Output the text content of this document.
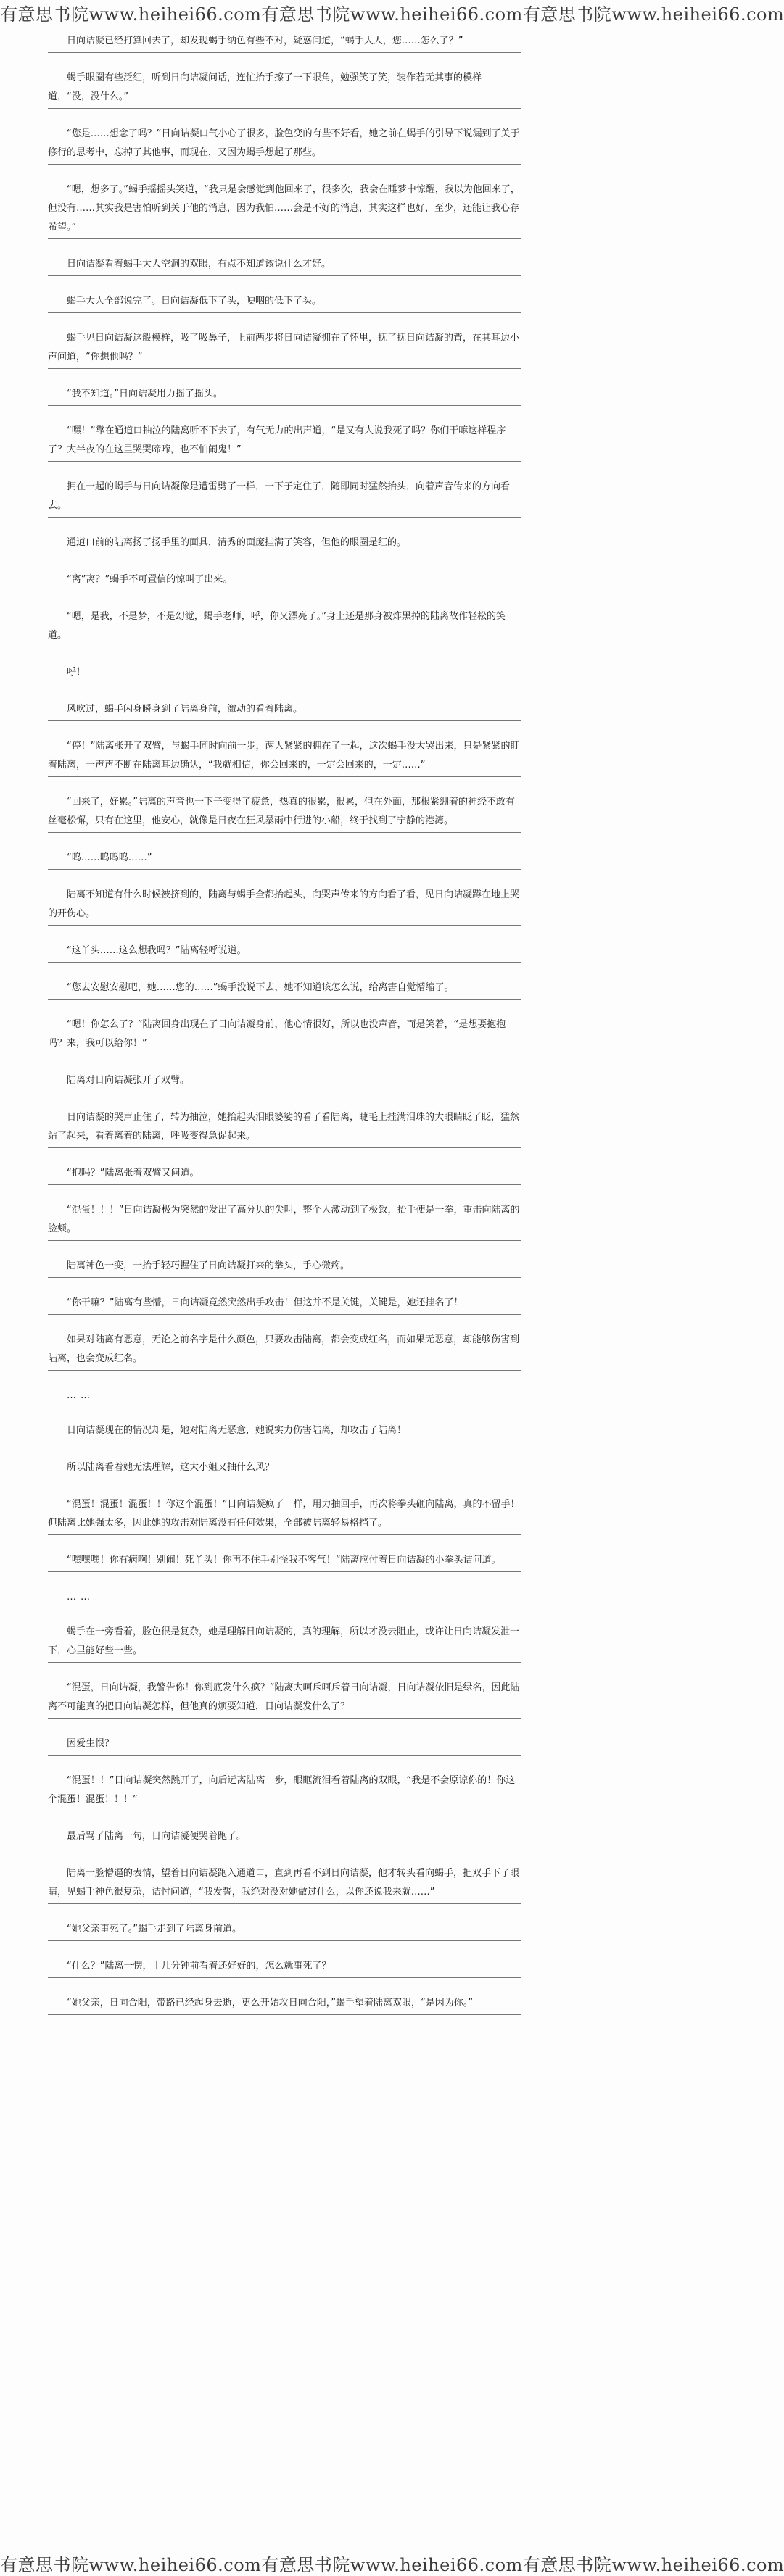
有意思书院www.heihei66.com有意思书院www.heihei66.com有意思书院www.heihei66.com

日向诘凝已经打算回去了，却发现蝎手纳色有些不对，疑惑问道，“蝎手大人，您……怎么了？”

蝎手眼圈有些泛红，听到日向诘凝问话，连忙抬手擦了一下眼角，勉强笑了笑，装作若无其事的模样道，“没，没什么。”

“您是……想念了吗？”日向诘凝口气小心了很多，脸色变的有些不好看，她之前在蝎手的引导下说漏到了关于修行的思考中，忘掉了其他事，而现在，又因为蝎手想起了那些。

“嗯，想多了。”蝎手摇摇头笑道，“我只是会感觉到他回来了，很多次，我会在睡梦中惊醒，我以为他回来了，但没有……其实我是害怕听到关于他的消息，因为我怕……会是不好的消息，其实这样也好，至少，还能让我心存希望。”

日向诘凝看着蝎手大人空洞的双眼，有点不知道该说什么才好。

蝎手大人全部说完了。日向诘凝低下了头，哽咽的低下了头。

蝎手见日向诘凝这般模样，吸了吸鼻子，上前两步将日向诘凝拥在了怀里，抚了抚日向诘凝的背，在其耳边小声问道，“你想他吗？”

“我不知道。”日向诘凝用力摇了摇头。

“嘿！”靠在通道口抽泣的陆离听不下去了，有气无力的出声道，“是又有人说我死了吗？你们干嘛这样程序了？大半夜的在这里哭哭啼啼，也不怕闹鬼！”

拥在一起的蝎手与日向诘凝像是遭雷劈了一样，一下子定住了，随即同时猛然抬头，向着声音传来的方向看去。

通道口前的陆离扬了扬手里的面具，清秀的面庞挂满了笑容，但他的眼圈是红的。

“离”离？”蝎手不可置信的惊叫了出来。

“嗯，是我，不是梦，不是幻觉，蝎手老师，呼，你又漂亮了。”身上还是那身被炸黑掉的陆离故作轻松的笑道。

呼！

风吹过，蝎手闪身瞬身到了陆离身前，激动的看着陆离。

“停！”陆离张开了双臂，与蝎手同时向前一步，两人紧紧的拥在了一起，这次蝎手没大哭出来，只是紧紧的盯着陆离，一声声不断在陆离耳边确认，“我就相信，你会回来的，一定会回来的，一定……”

“回来了，好累。”陆离的声音也一下子变得了疲惫，热真的很累，很累，但在外面，那根紧绷着的神经不敢有丝毫松懈，只有在这里，他安心，就像是日夜在狂风暴雨中行进的小船，终于找到了宁静的港湾。

“呜……呜呜呜……”

陆离不知道有什么时候被挤到的，陆离与蝎手全都抬起头，向哭声传来的方向看了看，见日向诘凝蹲在地上哭的开伤心。

“这丫头……这么想我吗？”陆离轻呼说道。

“您去安慰安慰吧，她……您的……”蝎手没说下去，她不知道该怎么说，给离害自觉懵缩了。

“嗯！你怎么了？”陆离回身出现在了日向诘凝身前，他心情很好，所以也没声音，而是笑着，“是想要抱抱吗？来，我可以给你！”

陆离对日向诘凝张开了双臂。

日向诘凝的哭声止住了，转为抽泣，她抬起头泪眼婆娑的看了看陆离，睫毛上挂满泪珠的大眼睛眨了眨，猛然站了起来，看着离着的陆离，呼吸变得急促起来。

“抱吗？”陆离张着双臂又问道。

“混蛋！！！”日向诘凝极为突然的发出了高分贝的尖叫，整个人激动到了极致，抬手便是一拳，重击向陆离的脸颊。

陆离神色一变，一抬手轻巧握住了日向诘凝打来的拳头，手心微疼。

“你干嘛？”陆离有些懵，日向诘凝竟然突然出手攻击！但这并不是关键，关键是，她还挂名了！

如果对陆离有恶意，无论之前名字是什么颜色，只要攻击陆离，都会变成红名，而如果无恶意，却能够伤害到陆离，也会变成红名。

……

日向诘凝现在的情况却是，她对陆离无恶意，她说实力伤害陆离，却攻击了陆离！

所以陆离看着她无法理解，这大小姐又抽什么风？

“混蛋！混蛋！混蛋！！你这个混蛋！”日向诘凝疯了一样，用力抽回手，再次将拳头砸向陆离，真的不留手！但陆离比她强太多，因此她的攻击对陆离没有任何效果，全部被陆离轻易格挡了。

“嘿嘿嘿！你有病啊！别闹！死丫头！你再不住手别怪我不客气！”陆离应付着日向诘凝的小拳头诘问道。

……

蝎手在一旁看着，脸色很是复杂，她是理解日向诘凝的，真的理解，所以才没去阻止，或许让日向诘凝发泄一下，心里能好些一些。

“混蛋，日向诘凝，我警告你！你到底发什么疯？”陆离大呵斥呵斥着日向诘凝，日向诘凝依旧是绿名，因此陆离不可能真的把日向诘凝怎样，但他真的烦要知道，日向诘凝发什么了？

因爱生恨？

“混蛋！！”日向诘凝突然跳开了，向后远离陆离一步，眼眶流泪看着陆离的双眼，“我是不会原谅你的！你这个混蛋！混蛋！！！”

最后骂了陆离一句，日向诘凝便哭着跑了。

陆离一脸懵逼的表情，望着日向诘凝跑入通道口，直到再看不到日向诘凝，他才转头看向蝎手，把双手下了眼睛，见蝎手神色很复杂，诘忖问道，“我发誓，我绝对没对她做过什么，以你还说我来就……”

“她父亲事死了。”蝎手走到了陆离身前道。

“什么？”陆离一愣，十几分钟前看着还好好的，怎么就事死了？

“她父亲，日向合阳，带路已经起身去逝，更么开始攻日向合阳，”蝎手望着陆离双眼，“是因为你。”

有意思书院www.heihei66.com有意思书院www.heihei66.com有意思书院www.heihei66.com
